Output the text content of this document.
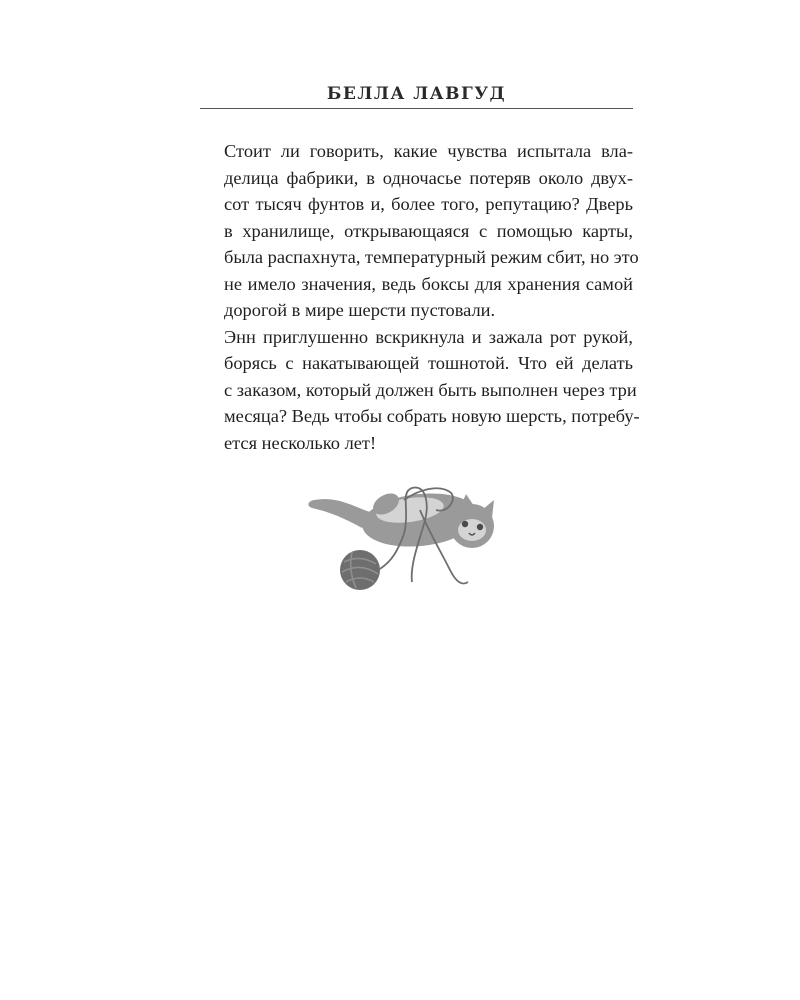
БЕЛЛА ЛАВГУД

Стоит ли говорить, какие чувства испытала вла-
делица фабрики, в одночасье потеряв около двух-
сот тысяч фунтов и, более того, репутацию? Дверь
в хранилище, открывающаяся с помощью карты,
была распахнута, температурный режим сбит, но это
не имело значения, ведь боксы для хранения самой
дорогой в мире шерсти пустовали.

Энн приглушенно вскрикнула и зажала рот рукой,
борясь с накатывающей тошнотой. Что ей делать
с заказом, который должен быть выполнен через три
месяца? Ведь чтобы собрать новую шерсть, потребу-
ется несколько лет!
